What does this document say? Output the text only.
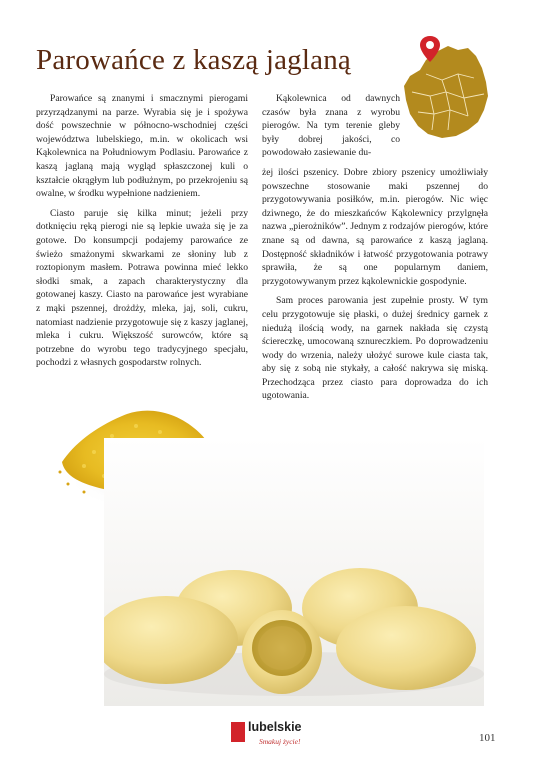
Parowańce z kaszą jaglaną

Parowańce są znanymi i smacznymi pierogami przyrządzanymi na parze. Wyrabia się je i spożywa dość powszechnie w północno-wschodniej części województwa lubelskiego, m.in. w okolicach wsi Kąkolewnica na Południowym Podlasiu. Parowańce z kaszą jaglaną mają wygląd spłaszczonej kuli o kształcie okrągłym lub podłużnym, po przekrojeniu są owalne, w środku wypełnione nadzieniem.

Ciasto paruje się kilka minut; jeżeli przy dotknięciu ręką pierogi nie są lepkie uważa się je za gotowe. Do konsumpcji podajemy parowańce ze świeżo smażonymi skwarkami ze słoniny lub z roztopionym masłem. Potrawa powinna mieć lekko słodki smak, a zapach charakterystyczny dla gotowanej kaszy. Ciasto na parowańce jest wyrabiane z mąki pszennej, drożdży, mleka, jaj, soli, cukru, natomiast nadzienie przygotowuje się z kaszy jaglanej, mleka i cukru. Większość surowców, które są potrzebne do wyrobu tego tradycyjnego specjału, pochodzi z własnych gospodarstw rolnych.

Kąkolewnica od dawnych czasów była znana z wyrobu pierogów. Na tym terenie gleby były dobrej jakości, co powodowało zasiewanie du-

żej ilości pszenicy. Dobre zbiory pszenicy umożliwiały powszechne stosowanie maki pszennej do przygotowywania posiłków, m.in. pierogów. Nic więc dziwnego, że do mieszkańców Kąkolewnicy przylgnęła nazwa „pierożników”. Jednym z rodzajów pierogów, które znane są od dawna, są parowańce z kaszą jaglaną. Dostępność składników i łatwość przygotowania potrawy sprawiła, że są one popularnym daniem, przygotowywanym przez kąkolewnickie gospodynie.

Sam proces parowania jest zupełnie prosty. W tym celu przygotowuje się płaski, o dużej średnicy garnek z niedużą ilością wody, na garnek nakłada się czystą ściereczkę, umocowaną sznureczkiem. Po doprowadzeniu wody do wrzenia, należy ułożyć surowe kule ciasta tak, aby się z sobą nie stykały, a całość nakrywa się miską. Przechodząca przez ciasto para doprowadza do ich ugotowania.

lubelskie
Smakuj życie!	101
